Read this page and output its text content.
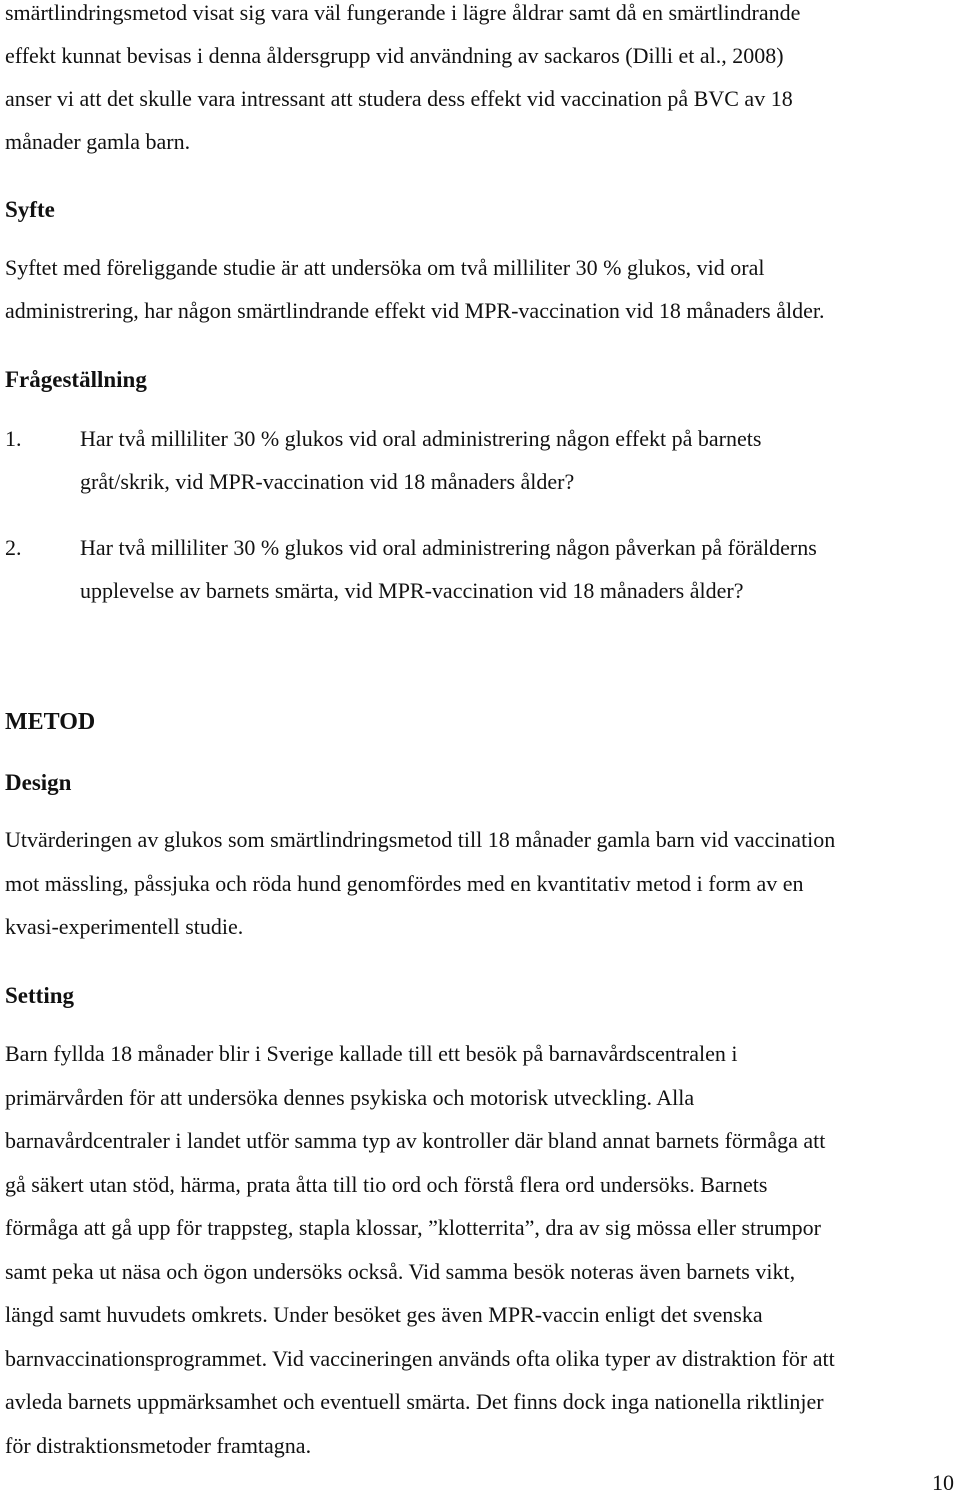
smärtlindringsmetod visat sig vara väl fungerande i lägre åldrar samt då en smärtlindrande
effekt kunnat bevisas i denna åldersgrupp vid användning av sackaros (Dilli et al., 2008)
anser vi att det skulle vara intressant att studera dess effekt vid vaccination på BVC av 18
månader gamla barn.
Syfte
Syftet med föreliggande studie är att undersöka om två milliliter 30 % glukos, vid oral
administrering, har någon smärtlindrande effekt vid MPR-vaccination vid 18 månaders ålder.
Frågeställning
1.	Har två milliliter 30 % glukos vid oral administrering någon effekt på barnets
gråt/skrik, vid MPR-vaccination vid 18 månaders ålder?
2.	Har två milliliter 30 % glukos vid oral administrering någon påverkan på förälderns
upplevelse av barnets smärta, vid MPR-vaccination vid 18 månaders ålder?
METOD
Design
Utvärderingen av glukos som smärtlindringsmetod till 18 månader gamla barn vid vaccination
mot mässling, påssjuka och röda hund genomfördes med en kvantitativ metod i form av en
kvasi-experimentell studie.
Setting
Barn fyllda 18 månader blir i Sverige kallade till ett besök på barnavårdscentralen i
primärvården för att undersöka dennes psykiska och motorisk utveckling. Alla
barnavårdcentraler i landet utför samma typ av kontroller där bland annat barnets förmåga att
gå säkert utan stöd, härma, prata åtta till tio ord och förstå flera ord undersöks. Barnets
förmåga att gå upp för trappsteg, stapla klossar, ”klotterrita”, dra av sig mössa eller strumpor
samt peka ut näsa och ögon undersöks också. Vid samma besök noteras även barnets vikt,
längd samt huvudets omkrets. Under besöket ges även MPR-vaccin enligt det svenska
barnvaccinationsprogrammet. Vid vaccineringen används ofta olika typer av distraktion för att
avleda barnets uppmärksamhet och eventuell smärta. Det finns dock inga nationella riktlinjer
för distraktionsmetoder framtagna.
10
